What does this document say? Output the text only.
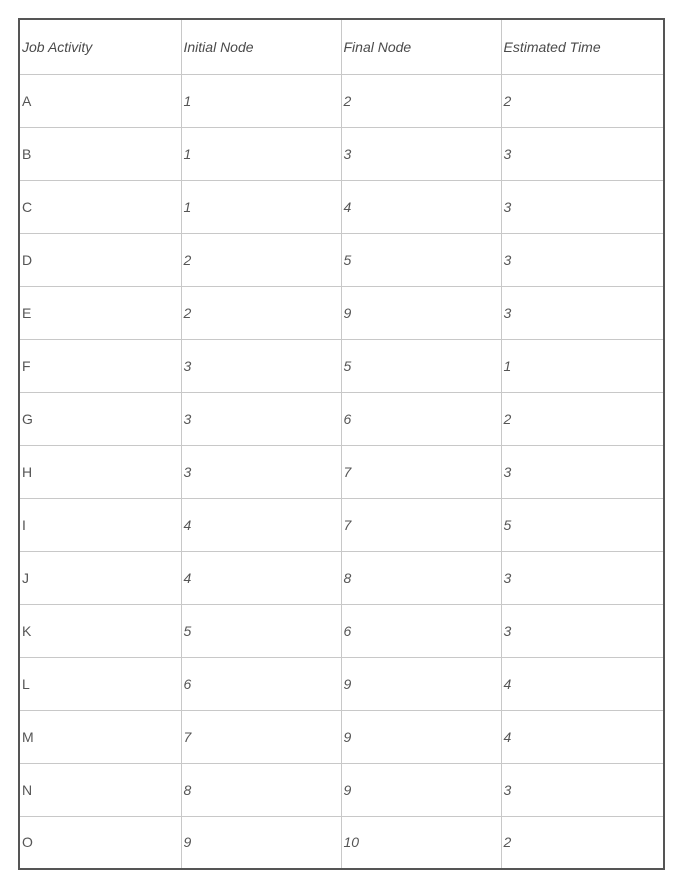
Job Activity	Initial Node	Final Node	Estimated Time
A	1	2	2
B	1	3	3
C	1	4	3
D	2	5	3
E	2	9	3
F	3	5	1
G	3	6	2
H	3	7	3
I	4	7	5
J	4	8	3
K	5	6	3
L	6	9	4
M	7	9	4
N	8	9	3
O	9	10	2
